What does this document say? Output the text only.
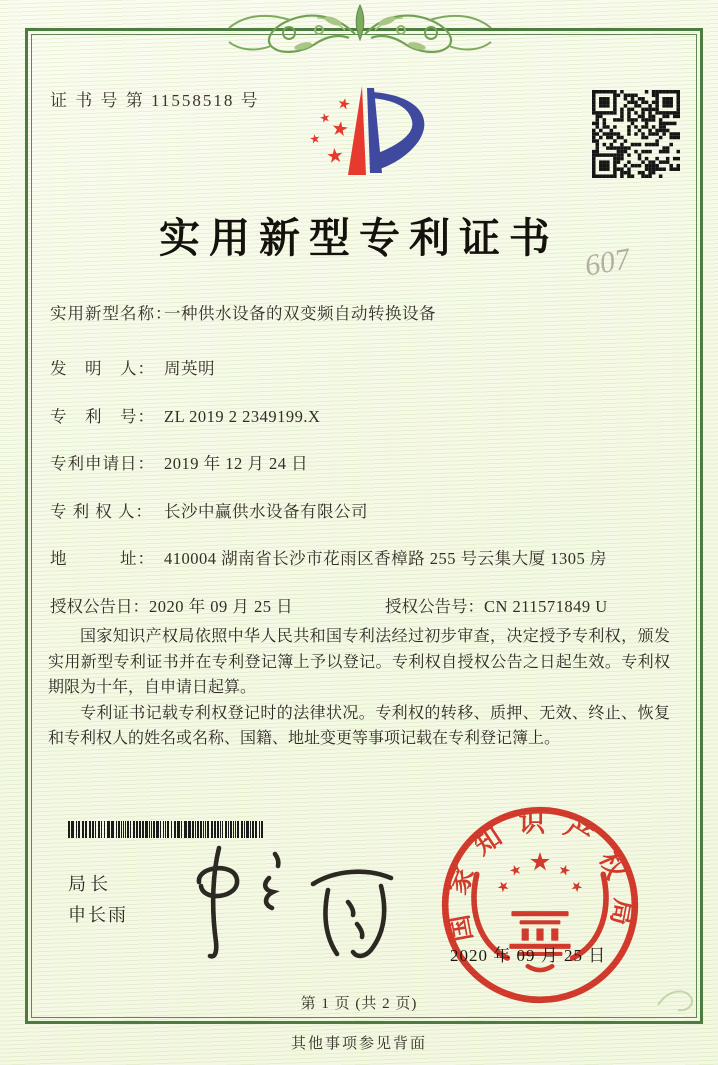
证 书 号 第 11558518 号
实用新型专利证书
607
实用新型名称：一种供水设备的双变频自动转换设备
发　明　人： 周英明
专　利　号： ZL 2019 2 2349199.X
专利申请日： 2019 年 12 月 24 日
专 利 权 人： 长沙中赢供水设备有限公司
地　　　址： 410004 湖南省长沙市花雨区香樟路 255 号云集大厦 1305 房
授权公告日：2020 年 09 月 25 日	授权公告号：CN 211571849 U

国家知识产权局依照中华人民共和国专利法经过初步审查，决定授予专利权，颁发实用新型专利证书并在专利登记簿上予以登记。专利权自授权公告之日起生效。专利权期限为十年，自申请日起算。

专利证书记载专利权登记时的法律状况。专利权的转移、质押、无效、终止、恢复和专利权人的姓名或名称、国籍、地址变更等事项记载在专利登记簿上。

局长
申长雨	国家知识产权局
2020 年 09 月 25 日
第 1 页 (共 2 页)
其他事项参见背面
